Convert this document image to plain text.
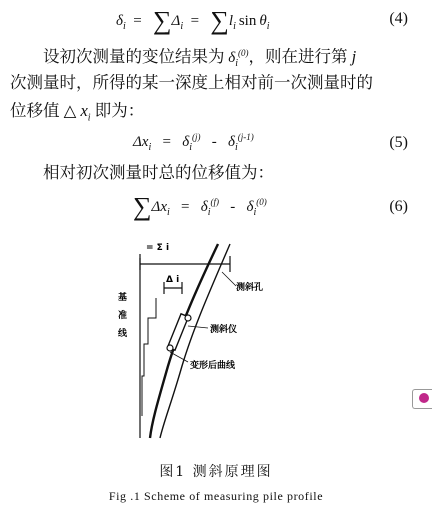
$\delta_i = \sum\Delta_i = \sum l_i$ $\sin \theta_i$	(4)
设初次测量的变位结果为 $\delta_i^{(0)}$，则在进行第 j
次测量时，所得的某一深度上相对前一次测量时的
位移值 △ $x_i$ 即为：
$\Delta x_i = \delta_i^{(j)} - \delta_i^{(j-1)}$	(5)
相对初次测量时总的位移值为：
$\sum\Delta x_i = \delta_i^{(f)} - \delta_i^{(0)}$	(6)
= Σ i
Δ i
测斜孔
测斜仪
变形后曲线
基
准
线
图1 测斜原理图
Fig .1 Scheme of measuring pile profile
